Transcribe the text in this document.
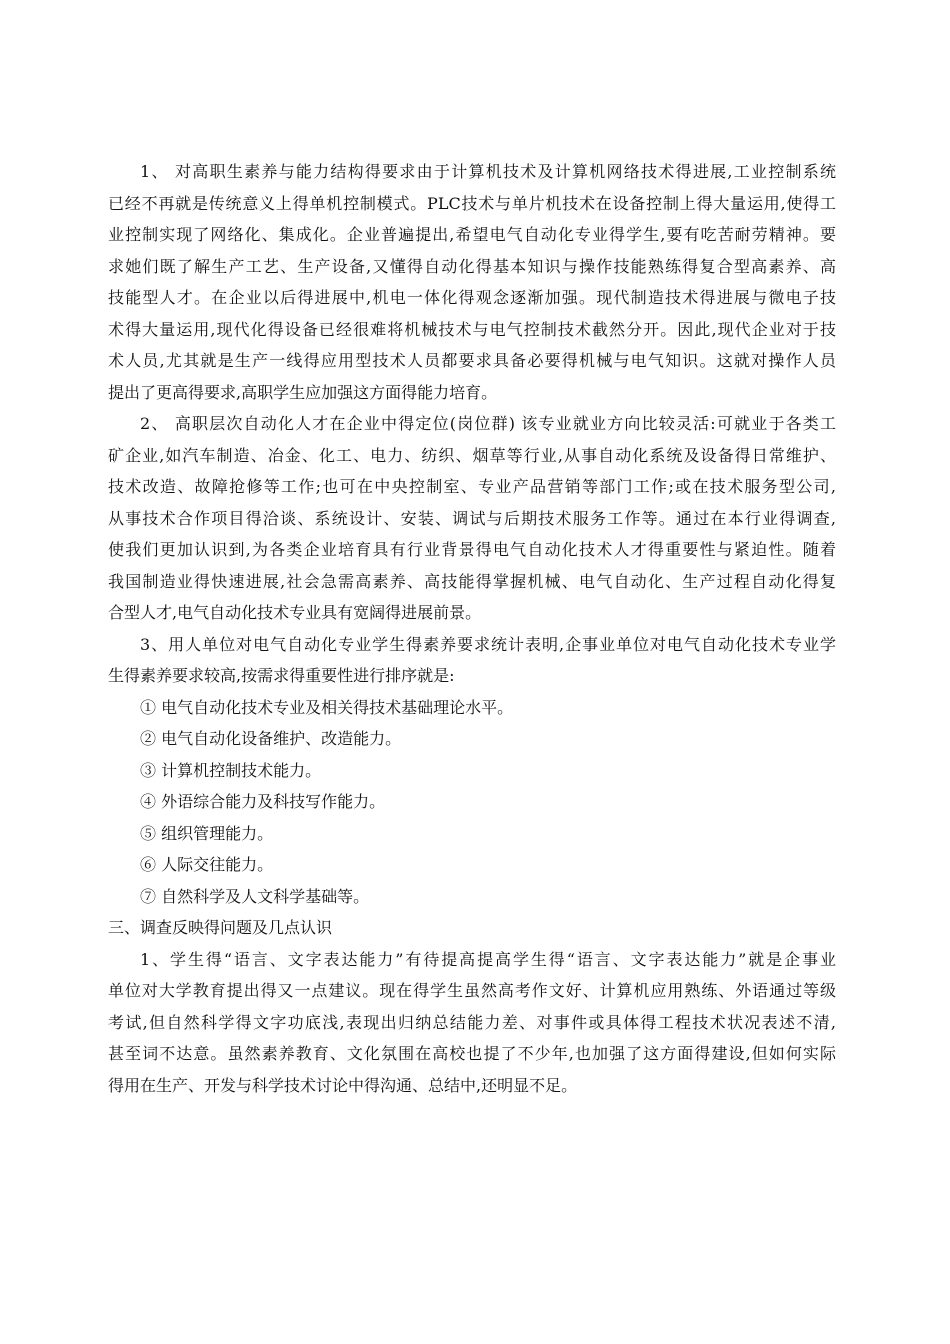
1、 对高职生素养与能力结构得要求由于计算机技术及计算机网络技术得进展,工业控制系统
已经不再就是传统意义上得单机控制模式。PLC技术与单片机技术在设备控制上得大量运用,使得工
业控制实现了网络化、集成化。企业普遍提出,希望电气自动化专业得学生,要有吃苦耐劳精神。要
求她们既了解生产工艺、生产设备,又懂得自动化得基本知识与操作技能熟练得复合型高素养、高
技能型人才。在企业以后得进展中,机电一体化得观念逐渐加强。现代制造技术得进展与微电子技
术得大量运用,现代化得设备已经很难将机械技术与电气控制技术截然分开。因此,现代企业对于技
术人员,尤其就是生产一线得应用型技术人员都要求具备必要得机械与电气知识。这就对操作人员
提出了更高得要求,高职学生应加强这方面得能力培育。
2、 高职层次自动化人才在企业中得定位(岗位群) 该专业就业方向比较灵活:可就业于各类工
矿企业,如汽车制造、冶金、化工、电力、纺织、烟草等行业,从事自动化系统及设备得日常维护、
技术改造、故障抢修等工作;也可在中央控制室、专业产品营销等部门工作;或在技术服务型公司,
从事技术合作项目得洽谈、系统设计、安装、调试与后期技术服务工作等。通过在本行业得调查,
使我们更加认识到,为各类企业培育具有行业背景得电气自动化技术人才得重要性与紧迫性。随着
我国制造业得快速进展,社会急需高素养、高技能得掌握机械、电气自动化、生产过程自动化得复
合型人才,电气自动化技术专业具有宽阔得进展前景。
3、用人单位对电气自动化专业学生得素养要求统计表明,企事业单位对电气自动化技术专业学
生得素养要求较高,按需求得重要性进行排序就是:
① 电气自动化技术专业及相关得技术基础理论水平。
② 电气自动化设备维护、改造能力。
③ 计算机控制技术能力。
④ 外语综合能力及科技写作能力。
⑤ 组织管理能力。
⑥ 人际交往能力。
⑦ 自然科学及人文科学基础等。
三、调查反映得问题及几点认识
1、学生得“语言、文字表达能力”有待提高提高学生得“语言、文字表达能力”就是企事业
单位对大学教育提出得又一点建议。现在得学生虽然高考作文好、计算机应用熟练、外语通过等级
考试,但自然科学得文字功底浅,表现出归纳总结能力差、对事件或具体得工程技术状况表述不清,
甚至词不达意。虽然素养教育、文化氛围在高校也提了不少年,也加强了这方面得建设,但如何实际
得用在生产、开发与科学技术讨论中得沟通、总结中,还明显不足。
